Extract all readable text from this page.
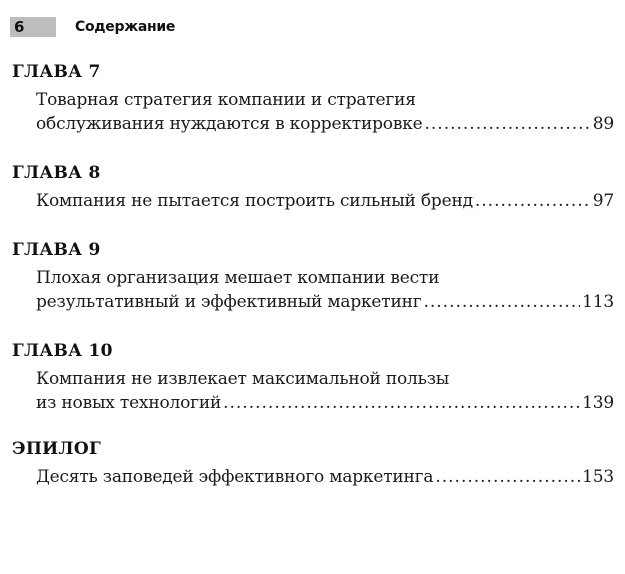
6	Содержание
ГЛАВА 7
Товарная стратегия компании и стратегия
обслуживания нуждаются в корректировке .....	89
ГЛАВА 8
Компания не пытается построить сильный бренд .....	97
ГЛАВА 9
Плохая организация мешает компании вести
результативный и эффективный маркетинг .....	113
ГЛАВА 10
Компания не извлекает максимальной пользы
из новых технологий .....	139
ЭПИЛОГ
Десять заповедей эффективного маркетинга .....	153
